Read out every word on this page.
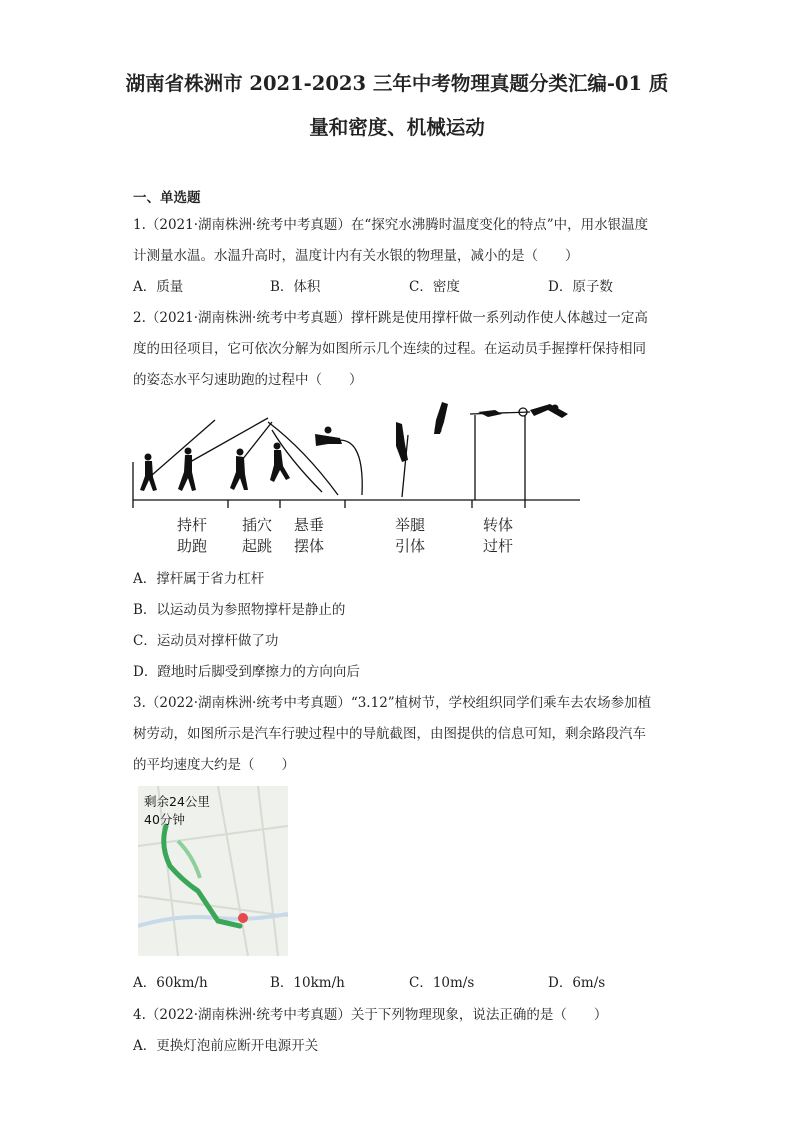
湖南省株洲市 2021-2023 三年中考物理真题分类汇编-01 质
量和密度、机械运动
一、单选题
1.（2021·湖南株洲·统考中考真题）在“探究水沸腾时温度变化的特点”中，用水银温度
计测量水温。水温升高时，温度计内有关水银的物理量，减小的是（　　）
A．质量	B．体积	C．密度	D．原子数
2.（2021·湖南株洲·统考中考真题）撑杆跳是使用撑杆做一系列动作使人体越过一定高
度的田径项目，它可依次分解为如图所示几个连续的过程。在运动员手握撑杆保持相同
的姿态水平匀速助跑的过程中（　　）
持杆
助跑
插穴
起跳
悬垂
摆体
举腿
引体
转体
过杆
A．撑杆属于省力杠杆
B．以运动员为参照物撑杆是静止的
C．运动员对撑杆做了功
D．蹬地时后脚受到摩擦力的方向向后
3.（2022·湖南株洲·统考中考真题）“3.12”植树节，学校组织同学们乘车去农场参加植
树劳动，如图所示是汽车行驶过程中的导航截图，由图提供的信息可知，剩余路段汽车
的平均速度大约是（　　）
剩余24公里
40分钟
A．60km/h	B．10km/h	C．10m/s	D．6m/s
4.（2022·湖南株洲·统考中考真题）关于下列物理现象，说法正确的是（　　）
A．更换灯泡前应断开电源开关
